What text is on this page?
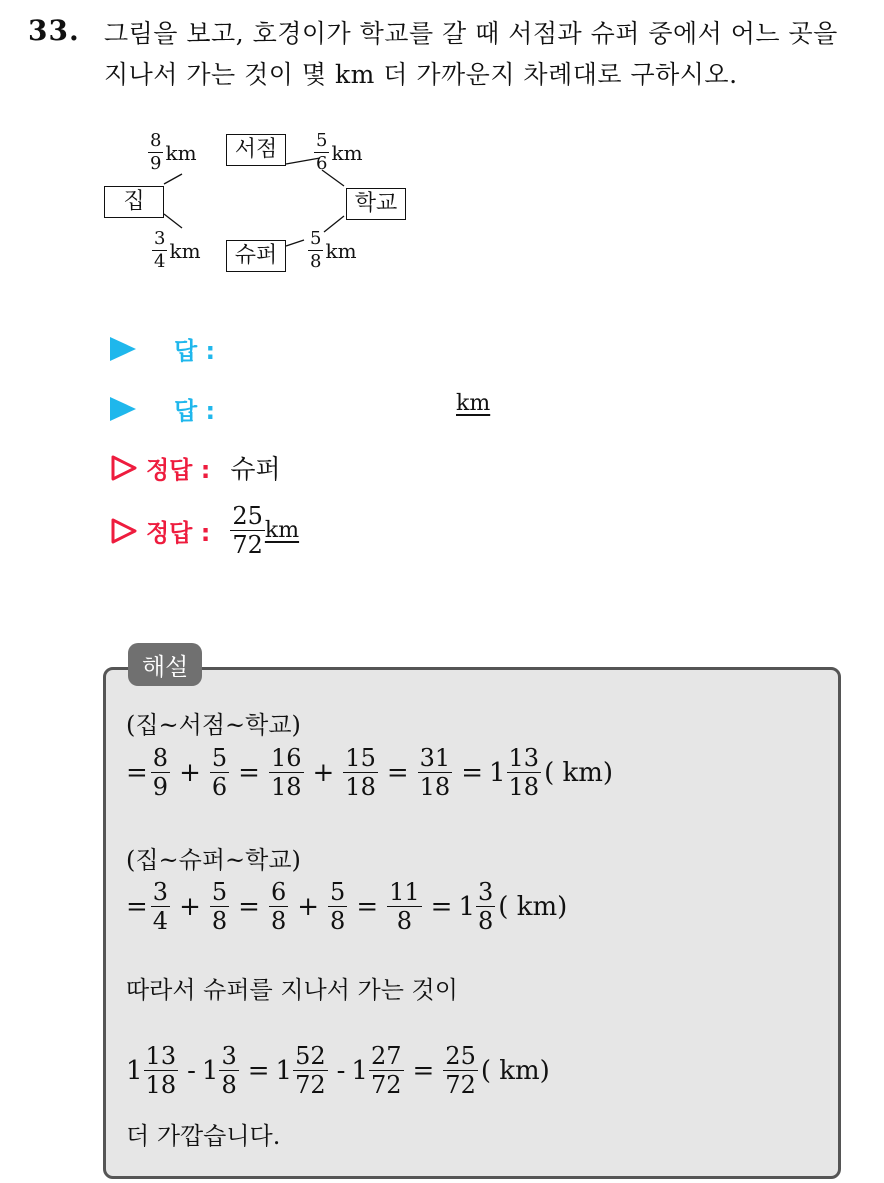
33. 그림을 보고, 호경이가 학교를 갈 때 서점과 슈퍼 중에서 어느 곳을
지나서 가는 것이 몇 km 더 가까운지 차례대로 구하시오.
집
서점
슈퍼
학교
$\frac{8}{9}$ km	$\frac{5}{6}$ km
$\frac{3}{4}$ km	$\frac{5}{8}$ km
답 :
답 :	km
정답 : 슈퍼
정답 : $\frac{25}{72}$ km
해설
(집~서점~학교)
= $\frac{8}{9} + \frac{5}{6} = \frac{16}{18} + \frac{15}{18} = \frac{31}{18} = 1 \frac{13}{18}$ ( km)
(집~슈퍼~학교)
= $\frac{3}{4} + \frac{5}{8} = \frac{6}{8} + \frac{5}{8} = \frac{11}{8} = 1 \frac{3}{8}$ ( km)
따라서 슈퍼를 지나서 가는 것이
$1 \frac{13}{18} - 1 \frac{3}{8} = 1 \frac{52}{72} - 1 \frac{27}{72} = \frac{25}{72}$ ( km)
더 가깝습니다.
